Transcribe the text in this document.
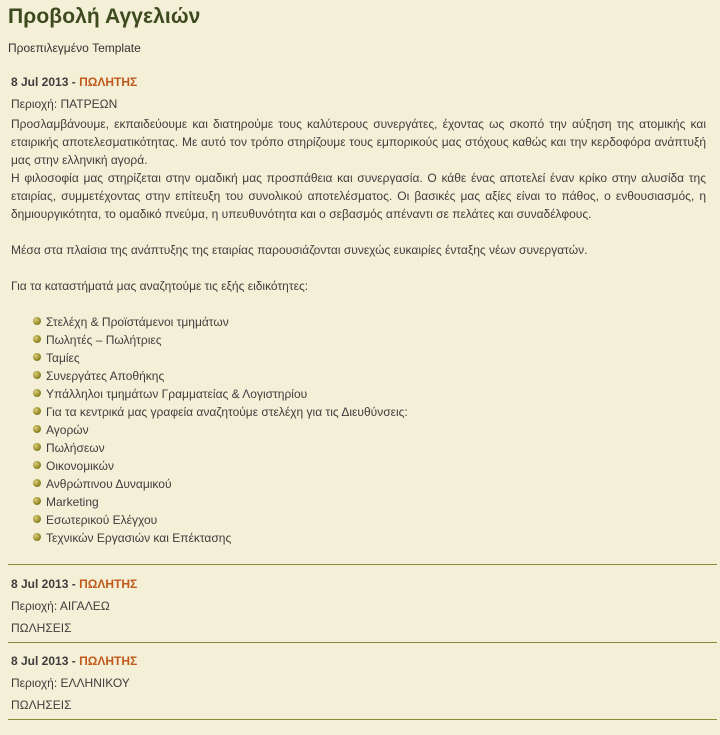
Προβολή Αγγελιών
Προεπιλεγμένο Template
8 Jul 2013 - ΠΩΛΗΤΗΣ
Περιοχή: ΠΑΤΡΕΩΝ

Προσλαμβάνουμε, εκπαιδεύουμε και διατηρούμε τους καλύτερους συνεργάτες, έχοντας ως σκοπό την αύξηση της ατομικής και εταιρικής αποτελεσματικότητας. Με αυτό τον τρόπο στηρίζουμε τους εμπορικούς μας στόχους καθώς και την κερδοφόρα ανάπτυξή μας στην ελληνική αγορά.

Η φιλοσοφία μας στηρίζεται στην ομαδική μας προσπάθεια και συνεργασία. Ο κάθε ένας αποτελεί έναν κρίκο στην αλυσίδα της εταιρίας, συμμετέχοντας στην επίτευξη του συνολικού αποτελέσματος. Οι βασικές μας αξίες είναι το πάθος, ο ενθουσιασμός, η δημιουργικότητα, το ομαδικό πνεύμα, η υπευθυνότητα και ο σεβασμός απέναντι σε πελάτες και συναδέλφους.

Μέσα στα πλαίσια της ανάπτυξης της εταιρίας παρουσιάζονται συνεχώς ευκαιρίες ένταξης νέων συνεργατών.

Για τα καταστήματά μας αναζητούμε τις εξής ειδικότητες:

Στελέχη & Προϊστάμενοι τμημάτων
Πωλητές – Πωλήτριες
Ταμίες
Συνεργάτες Αποθήκης
Υπάλληλοι τμημάτων Γραμματείας & Λογιστηρίου
Για τα κεντρικά μας γραφεία αναζητούμε στελέχη για τις Διευθύνσεις:
Αγορών
Πωλήσεων
Οικονομικών
Ανθρώπινου Δυναμικού
Marketing
Εσωτερικού Ελέγχου
Τεχνικών Εργασιών και Επέκτασης
8 Jul 2013 - ΠΩΛΗΤΗΣ
Περιοχή: ΑΙΓΑΛΕΩ
ΠΩΛΗΣΕΙΣ
8 Jul 2013 - ΠΩΛΗΤΗΣ
Περιοχή: ΕΛΛΗΝΙΚΟΥ
ΠΩΛΗΣΕΙΣ
